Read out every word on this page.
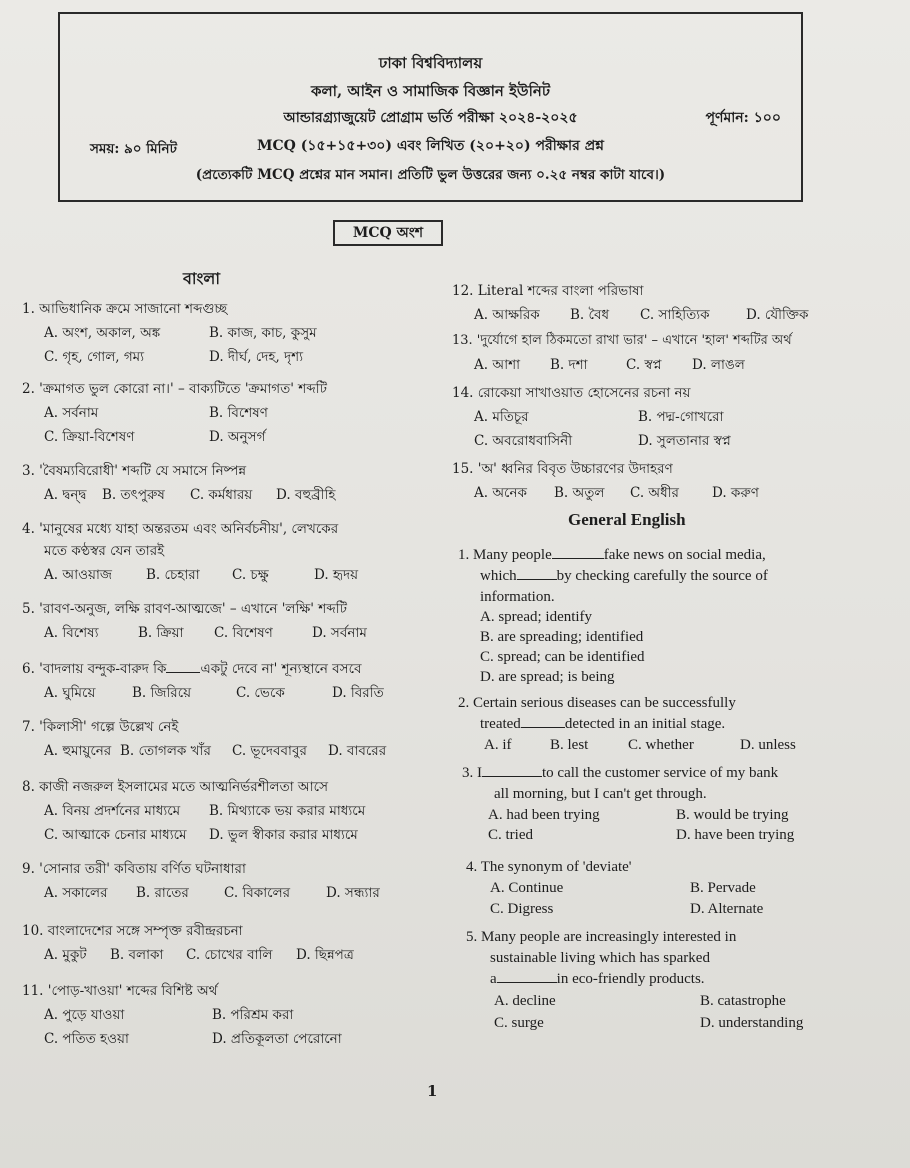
ঢাকা বিশ্ববিদ্যালয়
কলা, আইন ও সামাজিক বিজ্ঞান ইউনিট
আন্ডারগ্র্যাজুয়েট প্রোগ্রাম ভর্তি পরীক্ষা ২০২৪-২০২৫
MCQ (১৫+১৫+৩০) এবং লিখিত (২০+২০) পরীক্ষার প্রশ্ন
(প্রত্যেকটি MCQ প্রশ্নের মান সমান। প্রতিটি ভুল উত্তরের জন্য ০.২৫ নম্বর কাটা যাবে।)
সময়: ৯০ মিনিট
পূর্ণমান: ১০০
MCQ অংশ
বাংলা
1. আভিধানিক ক্রমে সাজানো শব্দগুচ্ছ
A. অংশ, অকাল, অঙ্ক	B. কাজ, কাচ, কুসুম
C. গৃহ, গোল, গম্য	D. দীর্ঘ, দেহ, দৃশ্য
2. 'ক্রমাগত ভুল কোরো না।' – বাক্যটিতে 'ক্রমাগত' শব্দটি
A. সর্বনাম	B. বিশেষণ
C. ক্রিয়া-বিশেষণ	D. অনুসর্গ
3. 'বৈষম্যবিরোধী' শব্দটি যে সমাসে নিষ্পন্ন
A. দ্বন্দ্ব B. তৎপুরুষ C. কর্মধারয় D. বহুব্রীহি
4. 'মানুষের মধ্যে যাহা অন্তরতম এবং অনির্বচনীয়', লেখকের
মতে কণ্ঠস্বর যেন তারই
A. আওয়াজ	B. চেহারা C. চক্ষু	D. হৃদয়
5. 'রাবণ-অনুজ, লক্ষি রাবণ-আত্মজে' – এখানে 'লক্ষি' শব্দটি
A. বিশেষ্য	B. ক্রিয়া C. বিশেষণ	D. সর্বনাম
6. 'বাদলায় বন্দুক-বারুদ কি	একটু দেবে না' শূন্যস্থানে বসবে
A. ঘুমিয়ে	B. জিরিয়ে	C. ভেকে	D. বিরতি
7. 'কিলাসী' গল্পে উল্লেখ নেই
A. হুমায়ুনের B. তোগলক খাঁর C. ভূদেববাবুর D. বাবরের
8. কাজী নজরুল ইসলামের মতে আত্মনির্ভরশীলতা আসে
A. বিনয় প্রদর্শনের মাধ্যমে B. মিথ্যাকে ভয় করার মাধ্যমে
C. আত্মাকে চেনার মাধ্যমে D. ভুল স্বীকার করার মাধ্যমে
9. 'সোনার তরী' কবিতায় বর্ণিত ঘটনাধারা
A. সকালের B. রাতের	C. বিকালের	D. সন্ধ্যার
10. বাংলাদেশের সঙ্গে সম্পৃক্ত রবীন্দ্ররচনা
A. মুকুট B. বলাকা C. চোখের বালি D. ছিন্নপত্র
11. 'পোড়-খাওয়া' শব্দের বিশিষ্ট অর্থ
A. পুড়ে যাওয়া	B. পরিশ্রম করা
C. পতিত হওয়া	D. প্রতিকূলতা পেরোনো
12. Literal শব্দের বাংলা পরিভাষা
A. আক্ষরিক B. বৈধ C. সাহিত্যিক	D. যৌক্তিক
13. 'দুর্যোগে হাল ঠিকমতো রাখা ভার' – এখানে 'হাল' শব্দটির অর্থ
A. আশা B. দশা	C. স্বপ্ন D. লাঙল
14. রোকেয়া সাখাওয়াত হোসেনের রচনা নয়
A. মতিচূর	B. পদ্ম-গোখরো
C. অবরোধবাসিনী	D. সুলতানার স্বপ্ন
15. 'অ' ধ্বনির বিবৃত উচ্চারণের উদাহরণ
A. অনেক B. অতুল C. অধীর D. করুণ
General English
1. Many people	fake news on social media,
which	by checking carefully the source of
information.
A. spread; identify
B. are spreading; identified
C. spread; can be identified
D. are spread; is being
2. Certain serious diseases can be successfully
treated	detected in an initial stage.
A. if	B. lest	C. whether	D. unless
3. I	to call the customer service of my bank
all morning, but I can't get through.
A. had been trying	B. would be trying
C. tried	D. have been trying
4. The synonym of 'deviate'
A. Continue	B. Pervade
C. Digress	D. Alternate
5. Many people are increasingly interested in
sustainable living which has sparked
a	in eco-friendly products.
A. decline	B. catastrophe
C. surge	D. understanding
1
